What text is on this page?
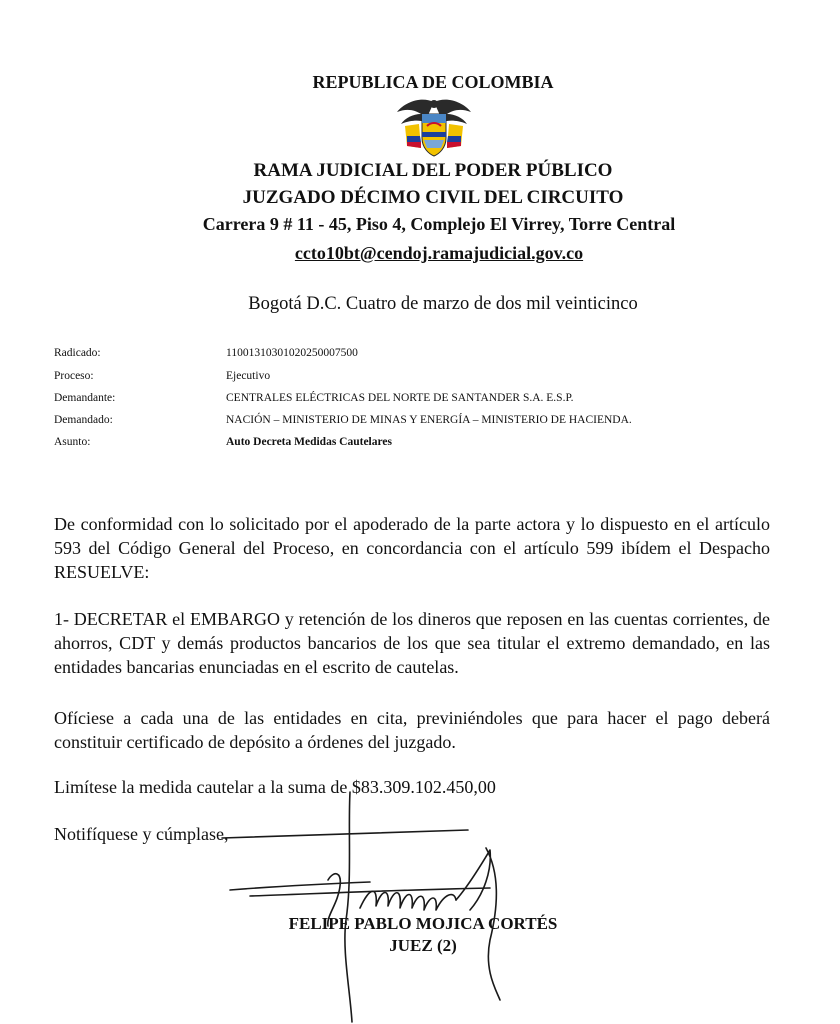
REPUBLICA DE COLOMBIA
RAMA JUDICIAL DEL PODER PÚBLICO
JUZGADO DÉCIMO CIVIL DEL CIRCUITO
Carrera 9 # 11 - 45, Piso 4, Complejo El Virrey, Torre Central
ccto10bt@cendoj.ramajudicial.gov.co
Bogotá D.C. Cuatro de marzo de dos mil veinticinco
Radicado:	11001310301020250007500
Proceso:	Ejecutivo
Demandante:	CENTRALES ELÉCTRICAS DEL NORTE DE SANTANDER S.A. E.S.P.
Demandado:	NACIÓN – MINISTERIO DE MINAS Y ENERGÍA – MINISTERIO DE HACIENDA.
Asunto:	Auto Decreta Medidas Cautelares
De conformidad con lo solicitado por el apoderado de la parte actora y lo dispuesto en el artículo 593 del Código General del Proceso, en concordancia con el artículo 599 ibídem el Despacho RESUELVE:
1- DECRETAR el EMBARGO y retención de los dineros que reposen en las cuentas corrientes, de ahorros, CDT y demás productos bancarios de los que sea titular el extremo demandado, en las entidades bancarias enunciadas en el escrito de cautelas.
Ofíciese a cada una de las entidades en cita, previniéndoles que para hacer el pago deberá constituir certificado de depósito a órdenes del juzgado.
Limítese la medida cautelar a la suma de $83.309.102.450,00
Notifíquese y cúmplase,
FELIPE PABLO MOJICA CORTÉS
JUEZ (2)
